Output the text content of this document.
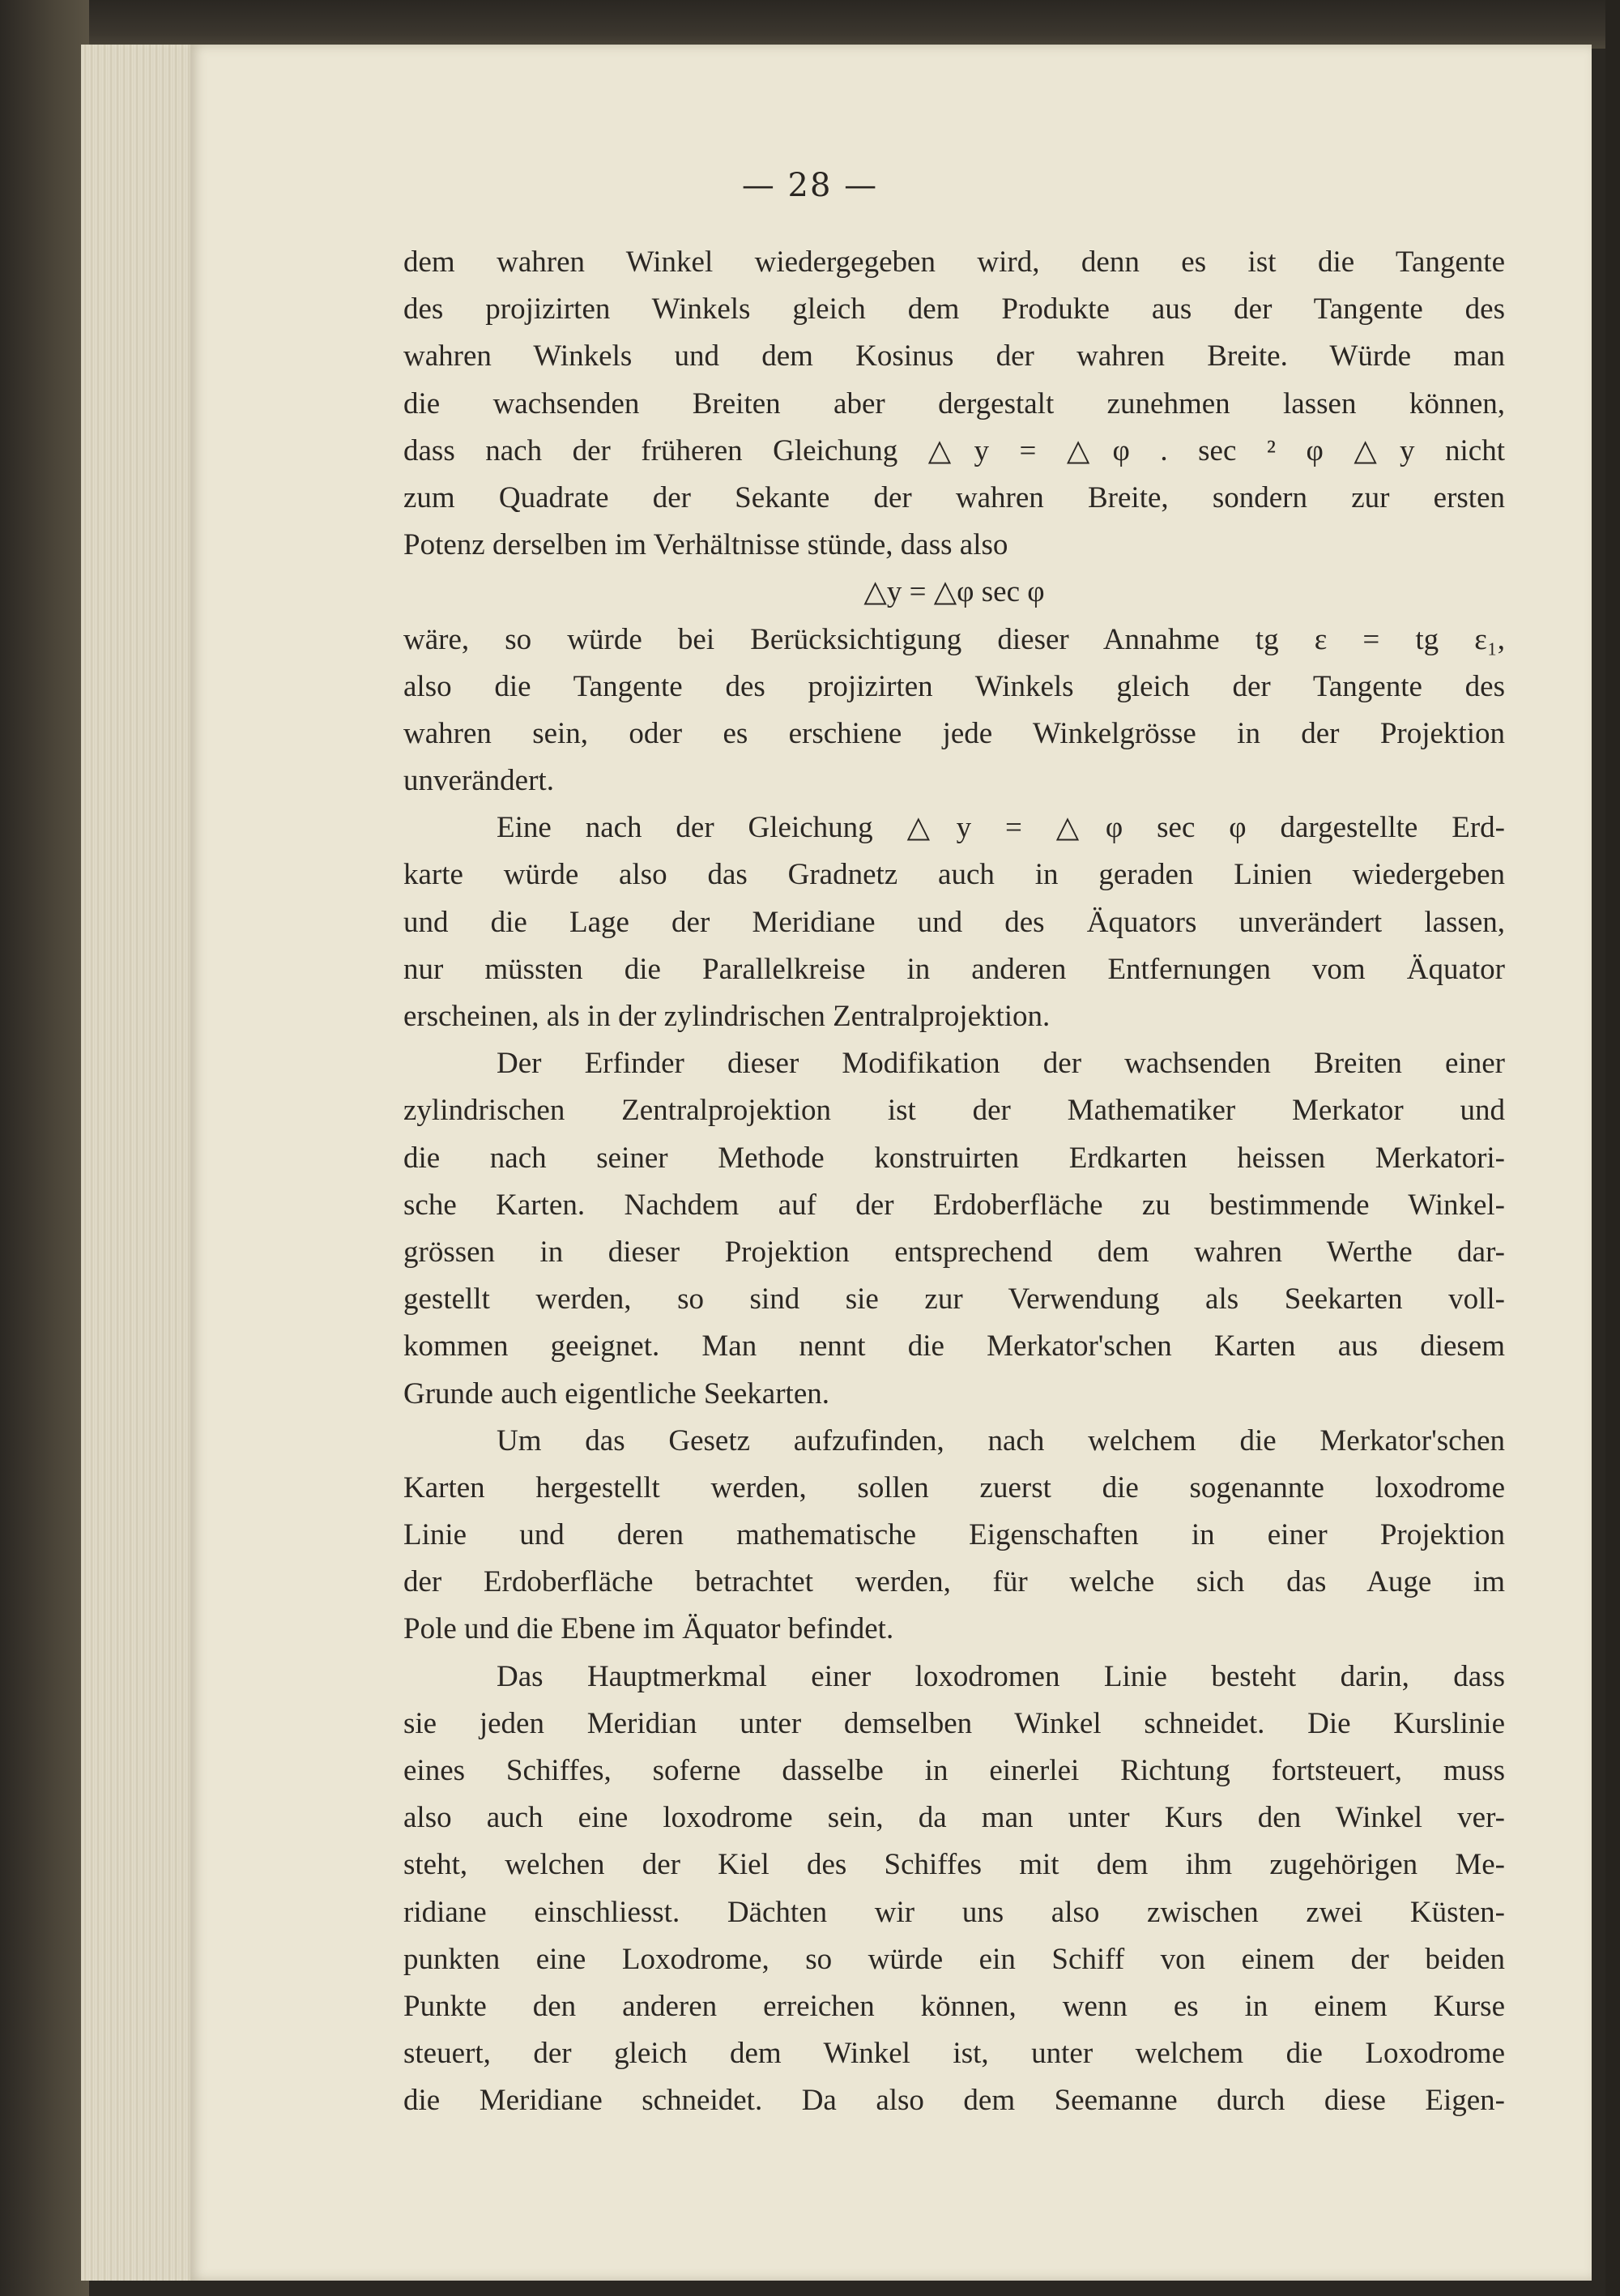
— 28 —
dem wahren Winkel wiedergegeben wird, denn es ist die Tangente
des projizirten Winkels gleich dem Produkte aus der Tangente des
wahren Winkels und dem Kosinus der wahren Breite. Würde man
die wachsenden Breiten aber dergestalt zunehmen lassen können,
dass nach der früheren Gleichung △y = △φ . sec ² φ △y nicht
zum Quadrate der Sekante der wahren Breite, sondern zur ersten
Potenz derselben im Verhältnisse stünde, dass also
△y = △φ sec φ
wäre, so würde bei Berücksichtigung dieser Annahme tg ε = tg ε₁,
also die Tangente des projizirten Winkels gleich der Tangente des
wahren sein, oder es erschiene jede Winkelgrösse in der Projektion
unverändert.
Eine nach der Gleichung △y = △φ sec φ dargestellte Erd-
karte würde also das Gradnetz auch in geraden Linien wiedergeben
und die Lage der Meridiane und des Äquators unverändert lassen,
nur müssten die Parallelkreise in anderen Entfernungen vom Äquator
erscheinen, als in der zylindrischen Zentralprojektion.
Der Erfinder dieser Modifikation der wachsenden Breiten einer
zylindrischen Zentralprojektion ist der Mathematiker Merkator und
die nach seiner Methode konstruirten Erdkarten heissen Merkatori-
sche Karten. Nachdem auf der Erdoberfläche zu bestimmende Winkel-
grössen in dieser Projektion entsprechend dem wahren Werthe dar-
gestellt werden, so sind sie zur Verwendung als Seekarten voll-
kommen geeignet. Man nennt die Merkator'schen Karten aus diesem
Grunde auch eigentliche Seekarten.
Um das Gesetz aufzufinden, nach welchem die Merkator'schen
Karten hergestellt werden, sollen zuerst die sogenannte loxodrome
Linie und deren mathematische Eigenschaften in einer Projektion
der Erdoberfläche betrachtet werden, für welche sich das Auge im
Pole und die Ebene im Äquator befindet.
Das Hauptmerkmal einer loxodromen Linie besteht darin, dass
sie jeden Meridian unter demselben Winkel schneidet. Die Kurslinie
eines Schiffes, soferne dasselbe in einerlei Richtung fortsteuert, muss
also auch eine loxodrome sein, da man unter Kurs den Winkel ver-
steht, welchen der Kiel des Schiffes mit dem ihm zugehörigen Me-
ridiane einschliesst. Dächten wir uns also zwischen zwei Küsten-
punkten eine Loxodrome, so würde ein Schiff von einem der beiden
Punkte den anderen erreichen können, wenn es in einem Kurse
steuert, der gleich dem Winkel ist, unter welchem die Loxodrome
die Meridiane schneidet. Da also dem Seemanne durch diese Eigen-
